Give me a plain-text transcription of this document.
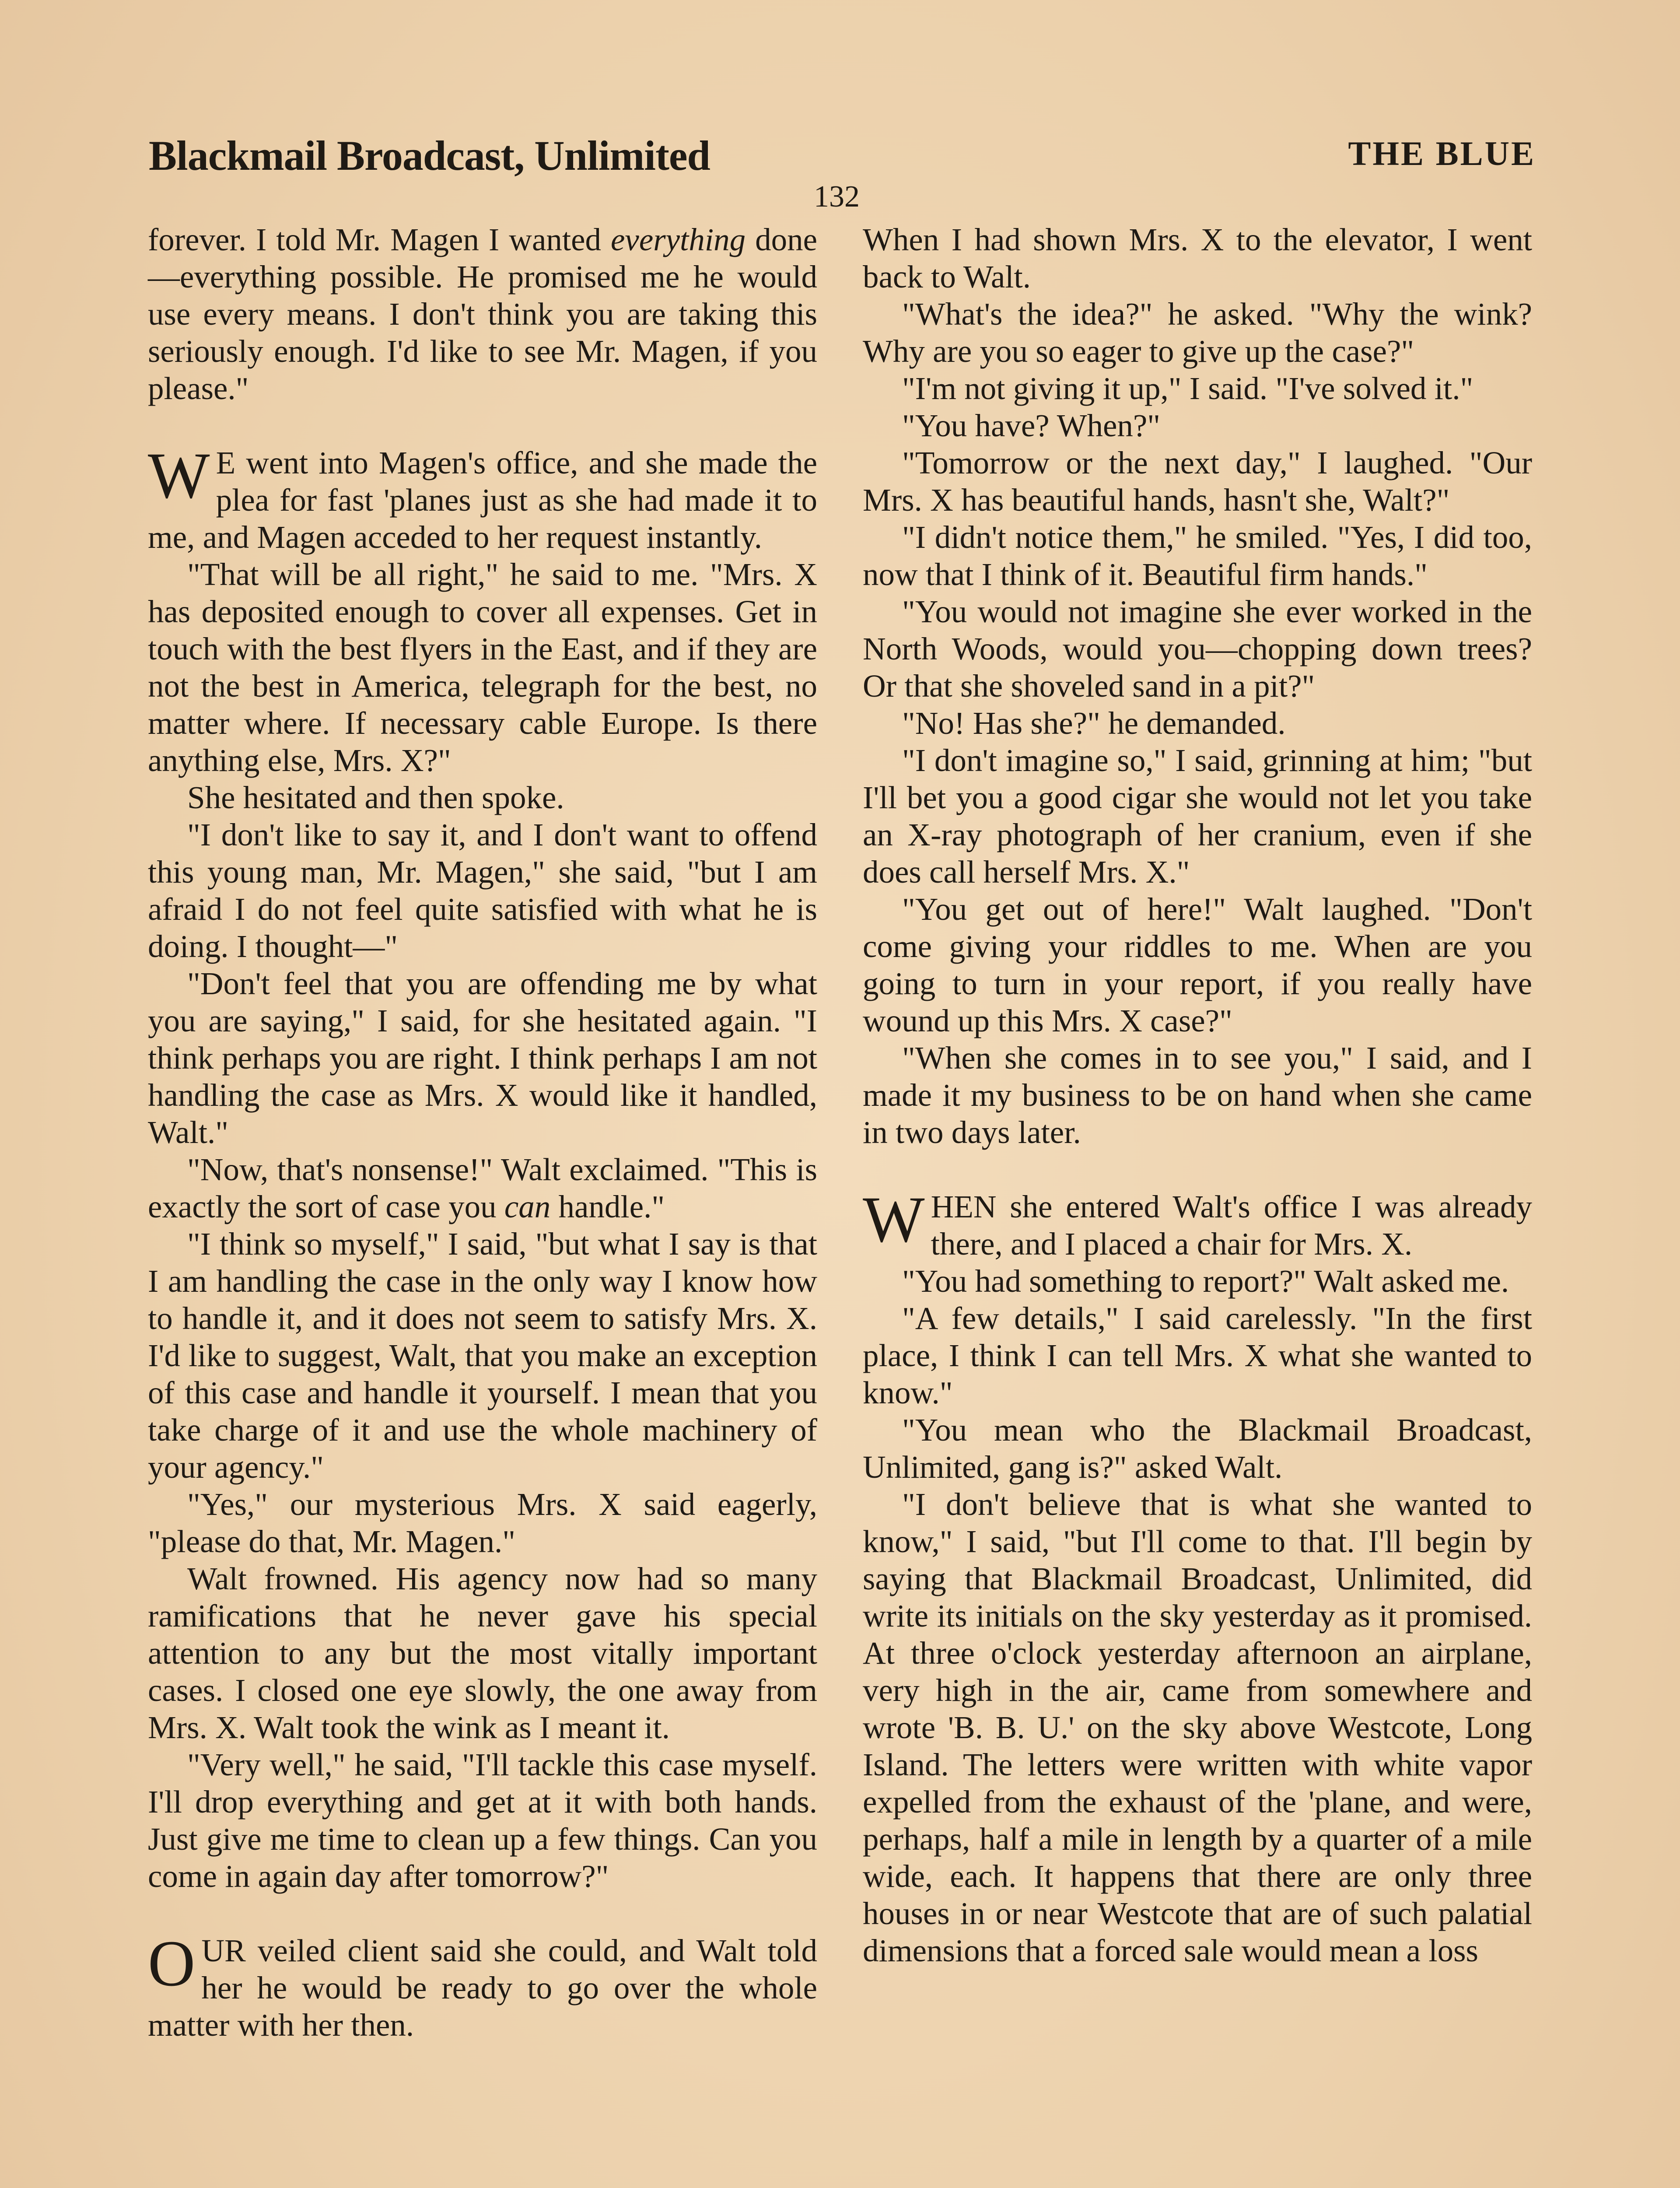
Blackmail Broadcast, Unlimited	THE BLUE
132

forever. I told Mr. Magen I wanted everything done—everything possible. He promised me he would use every means. I don't think you are taking this seriously enough. I'd like to see Mr. Magen, if you please."

W E went into Magen's office, and she made the plea for fast 'planes just as she had made it to me, and Magen acceded to her request instantly.

"That will be all right," he said to me. "Mrs. X has deposited enough to cover all expenses. Get in touch with the best flyers in the East, and if they are not the best in America, telegraph for the best, no matter where. If necessary cable Europe. Is there anything else, Mrs. X?"

She hesitated and then spoke.

"I don't like to say it, and I don't want to offend this young man, Mr. Magen," she said, "but I am afraid I do not feel quite satisfied with what he is doing. I thought—"

"Don't feel that you are offending me by what you are saying," I said, for she hesitated again. "I think perhaps you are right. I think perhaps I am not handling the case as Mrs. X would like it handled, Walt."

"Now, that's nonsense!" Walt exclaimed. "This is exactly the sort of case you can handle."

"I think so myself," I said, "but what I say is that I am handling the case in the only way I know how to handle it, and it does not seem to satisfy Mrs. X. I'd like to suggest, Walt, that you make an exception of this case and handle it yourself. I mean that you take charge of it and use the whole machinery of your agency."

"Yes," our mysterious Mrs. X said eagerly, "please do that, Mr. Magen."

Walt frowned. His agency now had so many ramifications that he never gave his special attention to any but the most vitally important cases. I closed one eye slowly, the one away from Mrs. X. Walt took the wink as I meant it.

"Very well," he said, "I'll tackle this case myself. I'll drop everything and get at it with both hands. Just give me time to clean up a few things. Can you come in again day after tomorrow?"

OUR veiled client said she could, and Walt told her he would be ready to go over the whole matter with her then.

When I had shown Mrs. X to the elevator, I went back to Walt.

"What's the idea?" he asked. "Why the wink? Why are you so eager to give up the case?"

"I'm not giving it up," I said. "I've solved it."

"You have? When?"

"Tomorrow or the next day," I laughed. "Our Mrs. X has beautiful hands, hasn't she, Walt?"

"I didn't notice them," he smiled. "Yes, I did too, now that I think of it. Beautiful firm hands."

"You would not imagine she ever worked in the North Woods, would you—chopping down trees? Or that she shoveled sand in a pit?"

"No! Has she?" he demanded.

"I don't imagine so," I said, grinning at him; "but I'll bet you a good cigar she would not let you take an X-ray photograph of her cranium, even if she does call herself Mrs. X."

"You get out of here!" Walt laughed. "Don't come giving your riddles to me. When are you going to turn in your report, if you really have wound up this Mrs. X case?"

"When she comes in to see you," I said, and I made it my business to be on hand when she came in two days later.

WHEN she entered Walt's office I was already there, and I placed a chair for Mrs. X.

"You had something to report?" Walt asked me.

"A few details," I said carelessly. "In the first place, I think I can tell Mrs. X what she wanted to know."

"You mean who the Blackmail Broadcast, Unlimited, gang is?" asked Walt.

"I don't believe that is what she wanted to know," I said, "but I'll come to that. I'll begin by saying that Blackmail Broadcast, Unlimited, did write its initials on the sky yesterday as it promised. At three o'clock yesterday afternoon an airplane, very high in the air, came from somewhere and wrote 'B. B. U.' on the sky above Westcote, Long Island. The letters were written with white vapor expelled from the exhaust of the 'plane, and were, perhaps, half a mile in length by a quarter of a mile wide, each. It happens that there are only three houses in or near Westcote that are of such palatial dimensions that a forced sale would mean a loss
